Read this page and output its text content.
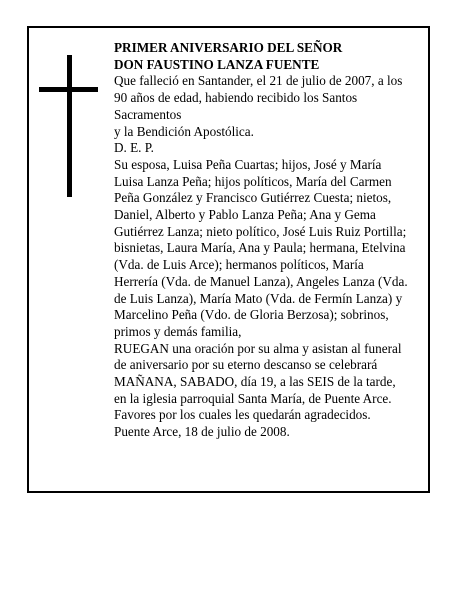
PRIMER ANIVERSARIO DEL SEÑOR
DON FAUSTINO LANZA FUENTE
Que falleció en Santander, el 21 de julio de 2007, a los
90 años de edad, habiendo recibido los Santos
Sacramentos
y la Bendición Apostólica.
D. E. P.
Su esposa, Luisa Peña Cuartas; hijos, José y María
Luisa Lanza Peña; hijos políticos, María del Carmen
Peña González y Francisco Gutiérrez Cuesta; nietos,
Daniel, Alberto y Pablo Lanza Peña; Ana y Gema
Gutiérrez Lanza; nieto político, José Luis Ruiz Portilla;
bisnietas, Laura María, Ana y Paula; hermana, Etelvina
(Vda. de Luis Arce); hermanos políticos, María
Herrería (Vda. de Manuel Lanza), Angeles Lanza (Vda.
de Luis Lanza), María Mato (Vda. de Fermín Lanza) y
Marcelino Peña (Vdo. de Gloria Berzosa); sobrinos,
primos y demás familia,
RUEGAN una oración por su alma y asistan al funeral
de aniversario por su eterno descanso se celebrará
MAÑANA, SABADO, día 19, a las SEIS de la tarde,
en la iglesia parroquial Santa María, de Puente Arce.
Favores por los cuales les quedarán agradecidos.
Puente Arce, 18 de julio de 2008.
